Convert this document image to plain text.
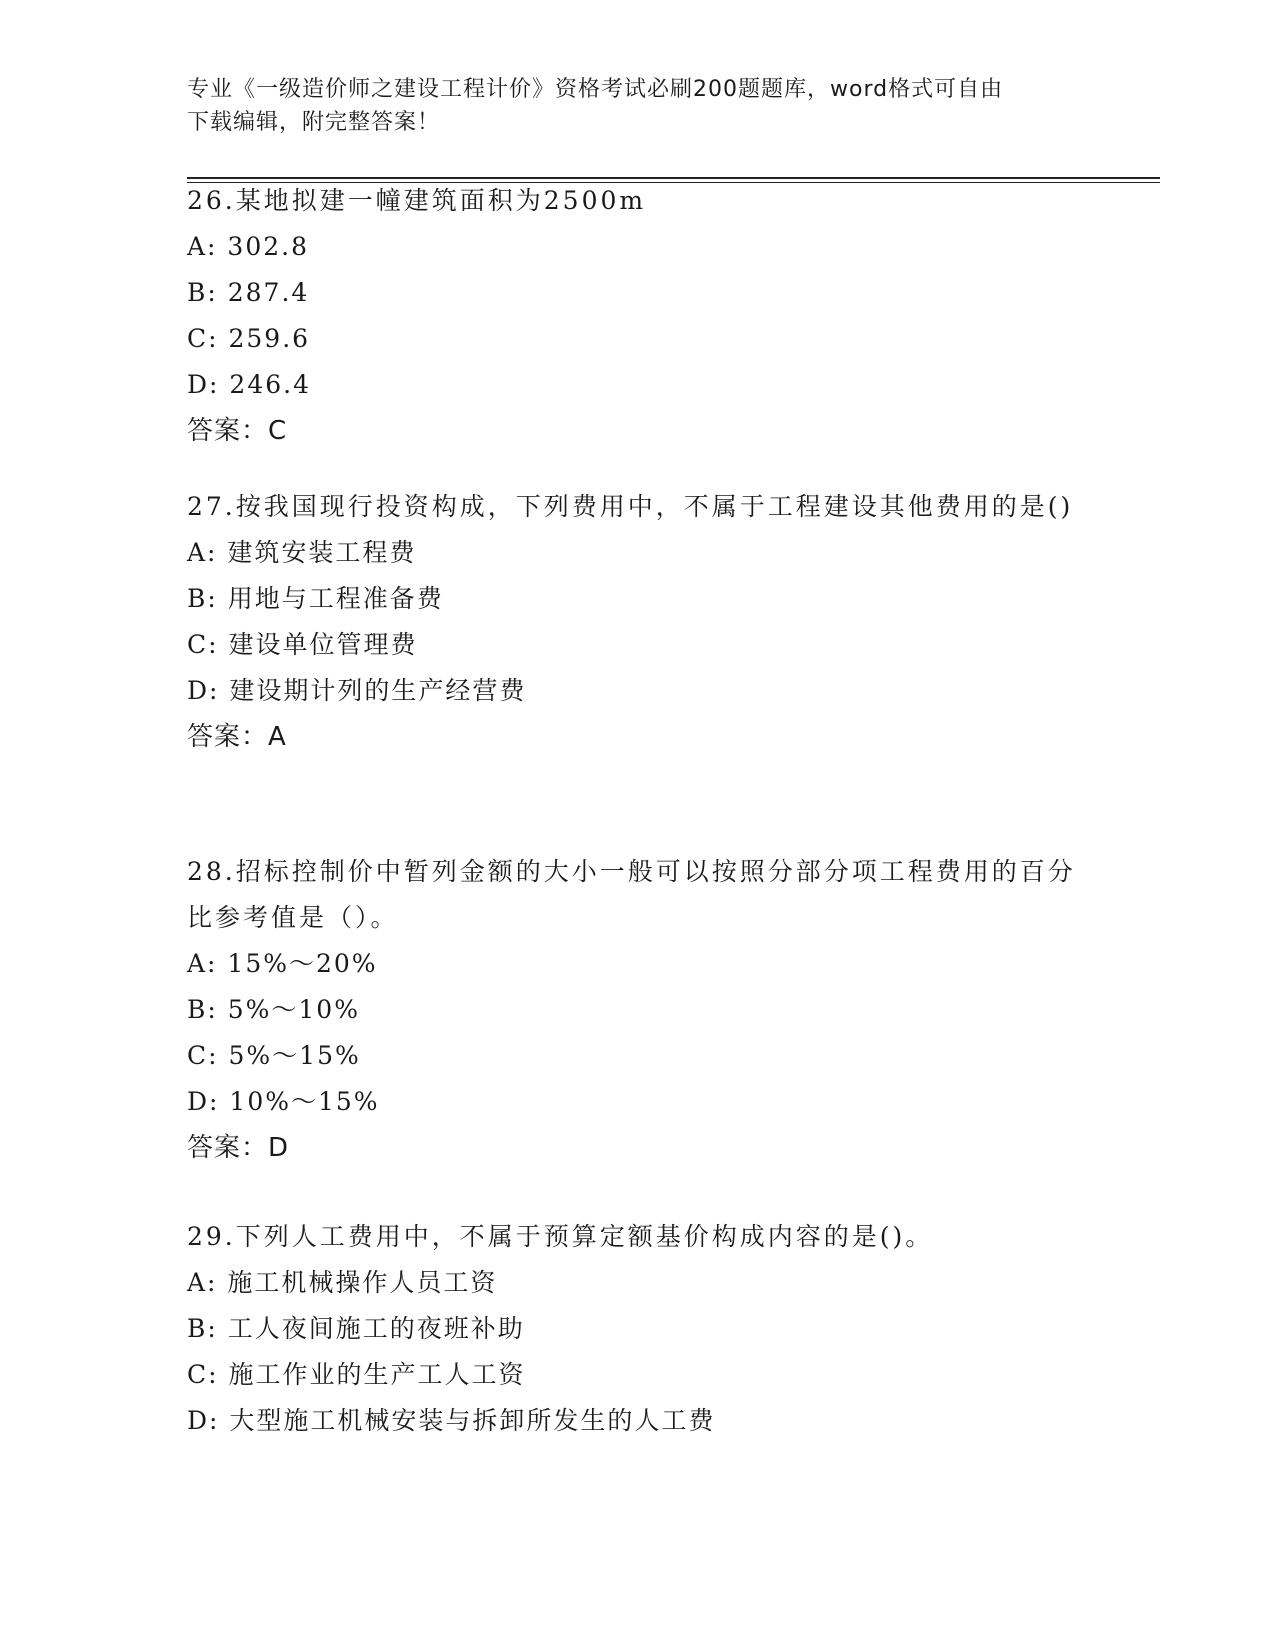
专业《一级造价师之建设工程计价》资格考试必刷200题题库，word格式可自由
下载编辑，附完整答案！

26.某地拟建一幢建筑面积为2500m

A: 302.8

B: 287.4

C: 259.6

D: 246.4

答案：C

27.按我国现行投资构成，下列费用中，不属于工程建设其他费用的是()

A: 建筑安装工程费

B: 用地与工程准备费

C: 建设单位管理费

D: 建设期计列的生产经营费

答案：A

28.招标控制价中暂列金额的大小一般可以按照分部分项工程费用的百分比参考值是（）。

A: 15%～20%

B: 5%～10%

C: 5%～15%

D: 10%～15%

答案：D

29.下列人工费用中，不属于预算定额基价构成内容的是()。

A: 施工机械操作人员工资

B: 工人夜间施工的夜班补助

C: 施工作业的生产工人工资

D: 大型施工机械安装与拆卸所发生的人工费
